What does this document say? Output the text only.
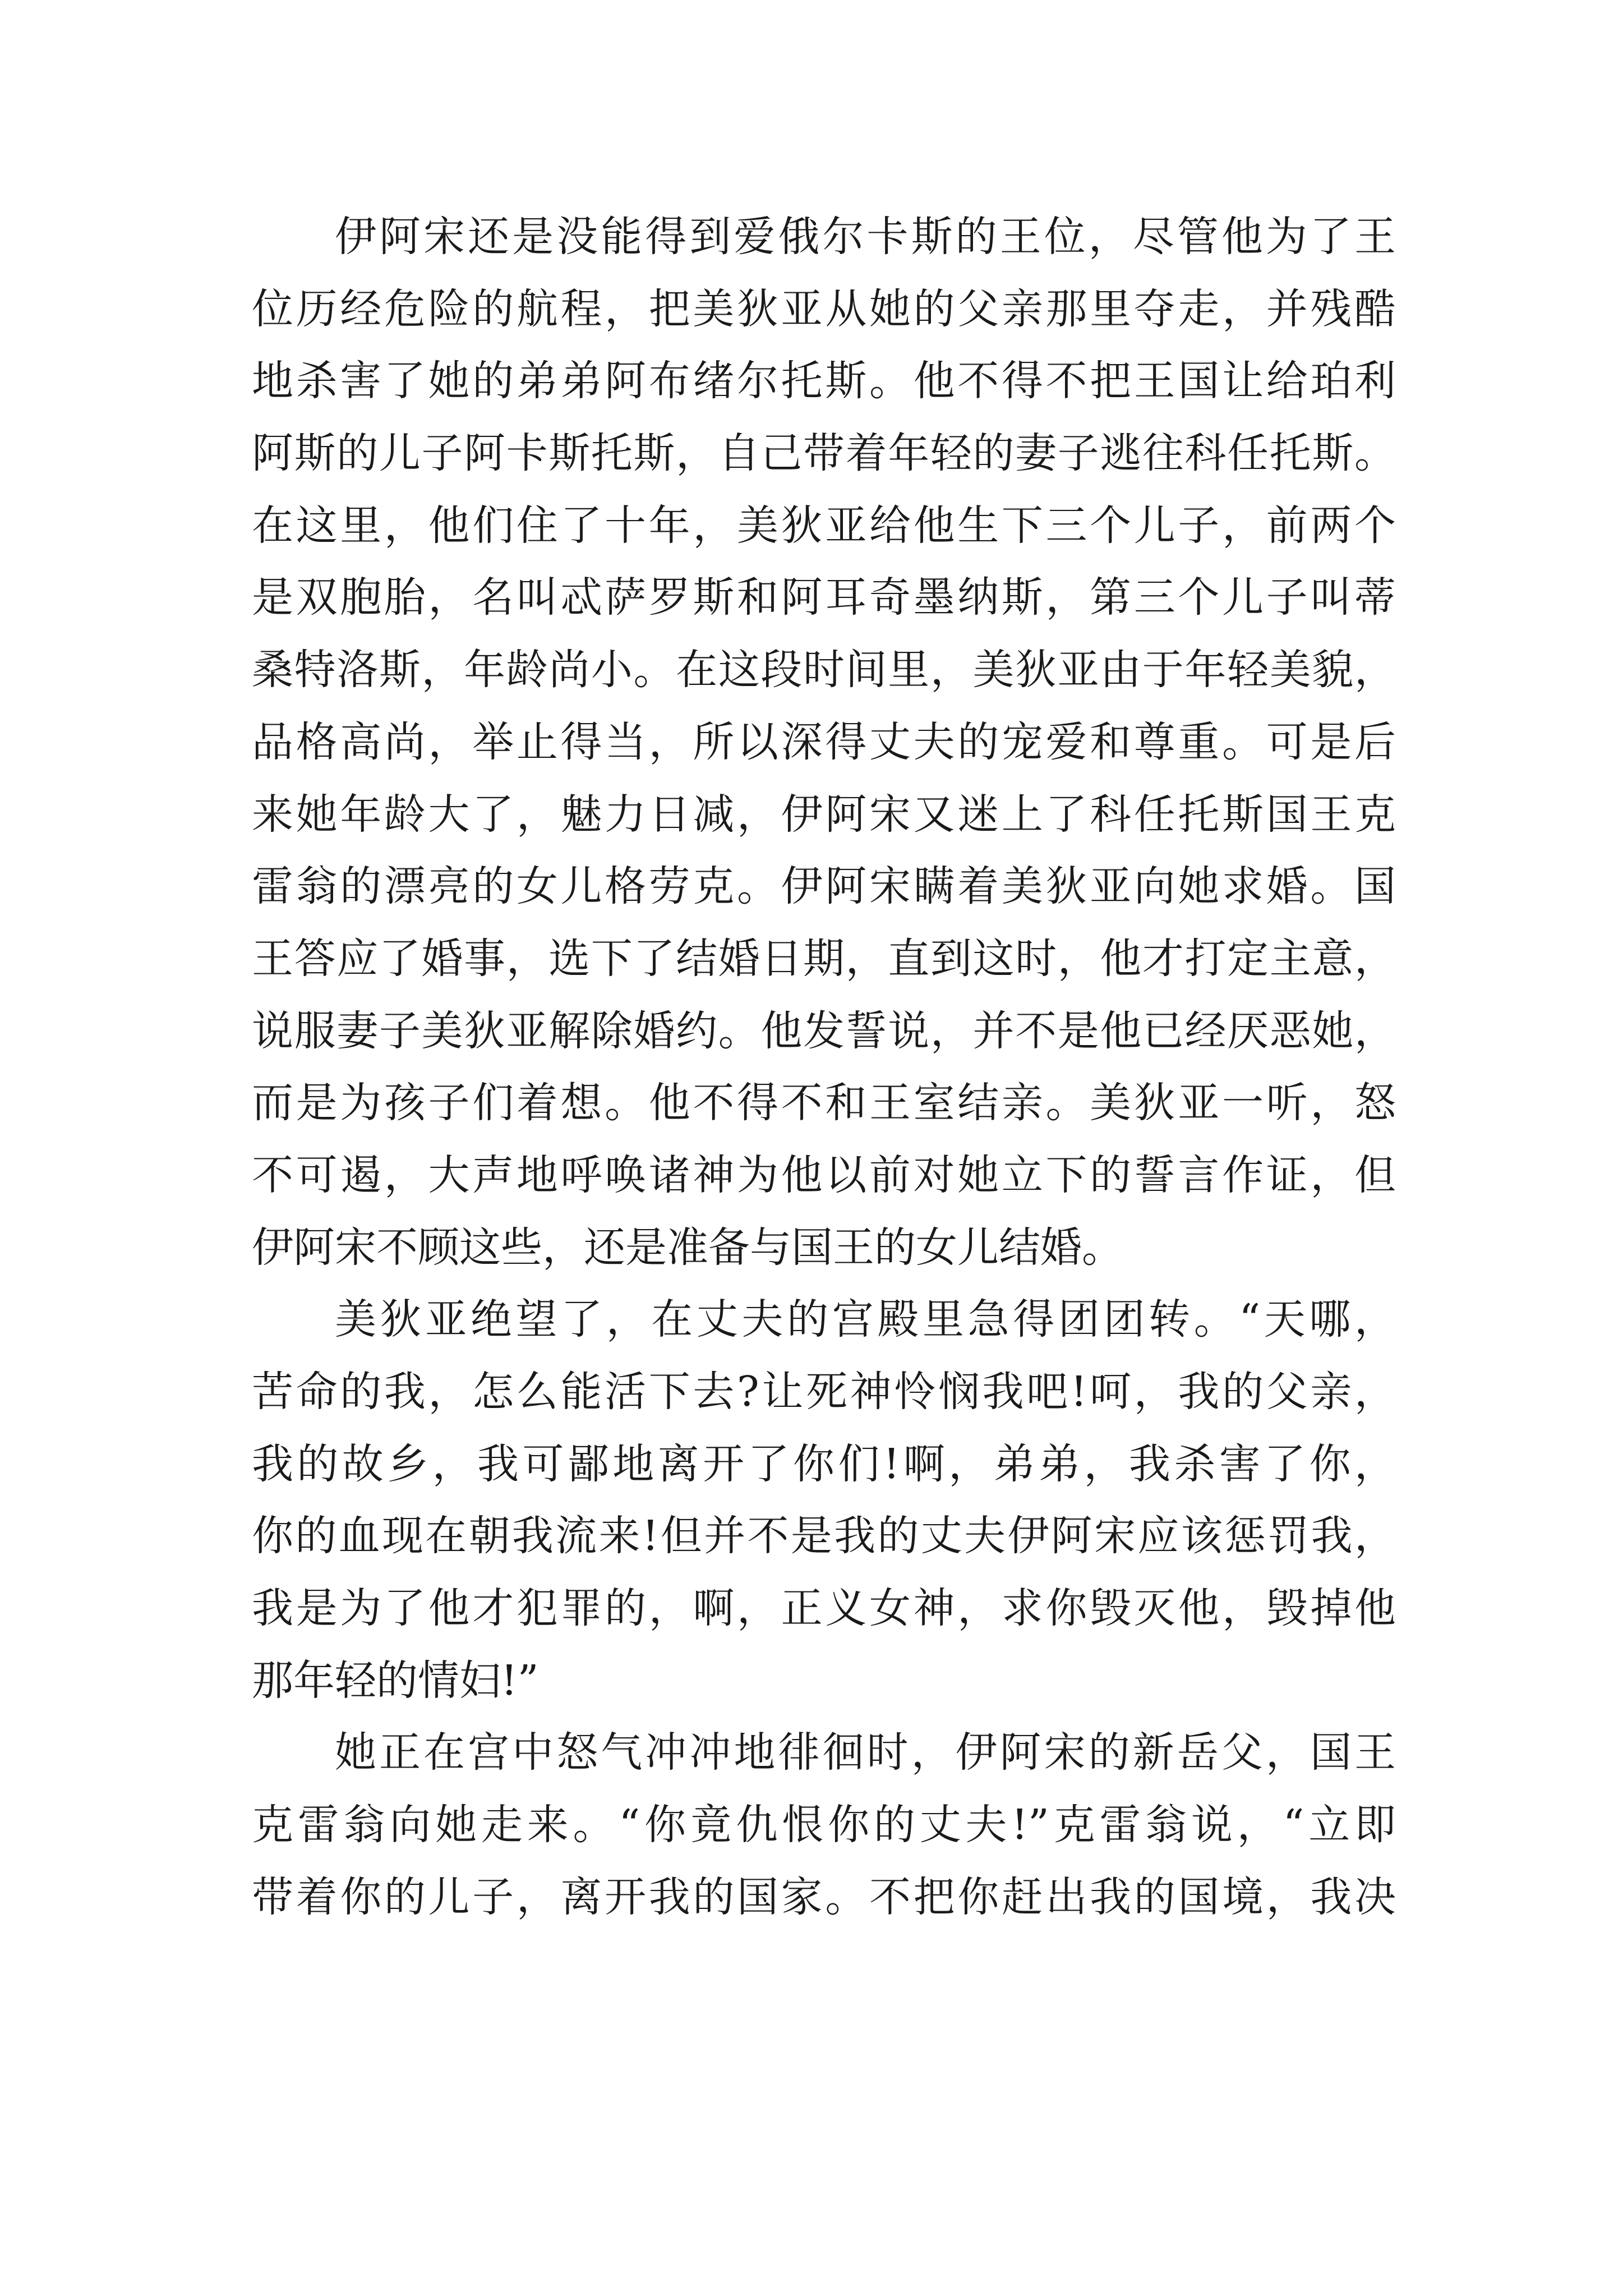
伊阿宋还是没能得到爱俄尔卡斯的王位，尽管他为了王
位历经危险的航程，把美狄亚从她的父亲那里夺走，并残酷
地杀害了她的弟弟阿布绪尔托斯。他不得不把王国让给珀利
阿斯的儿子阿卡斯托斯，自己带着年轻的妻子逃往科任托斯。
在这里，他们住了十年，美狄亚给他生下三个儿子，前两个
是双胞胎，名叫忒萨罗斯和阿耳奇墨纳斯，第三个儿子叫蒂
桑特洛斯，年龄尚小。在这段时间里，美狄亚由于年轻美貌，
品格高尚，举止得当，所以深得丈夫的宠爱和尊重。可是后
来她年龄大了，魅力日减，伊阿宋又迷上了科任托斯国王克
雷翁的漂亮的女儿格劳克。伊阿宋瞒着美狄亚向她求婚。国
王答应了婚事，选下了结婚日期，直到这时，他才打定主意，
说服妻子美狄亚解除婚约。他发誓说，并不是他已经厌恶她，
而是为孩子们着想。他不得不和王室结亲。美狄亚一听，怒
不可遏，大声地呼唤诸神为他以前对她立下的誓言作证，但
伊阿宋不顾这些，还是准备与国王的女儿结婚。
美狄亚绝望了，在丈夫的宫殿里急得团团转。“天哪，
苦命的我，怎么能活下去?让死神怜悯我吧!呵，我的父亲，
我的故乡，我可鄙地离开了你们!啊，弟弟，我杀害了你，
你的血现在朝我流来!但并不是我的丈夫伊阿宋应该惩罚我，
我是为了他才犯罪的，啊，正义女神，求你毁灭他，毁掉他
那年轻的情妇!”
她正在宫中怒气冲冲地徘徊时，伊阿宋的新岳父，国王
克雷翁向她走来。“你竟仇恨你的丈夫!”克雷翁说，“立即
带着你的儿子，离开我的国家。不把你赶出我的国境，我决
